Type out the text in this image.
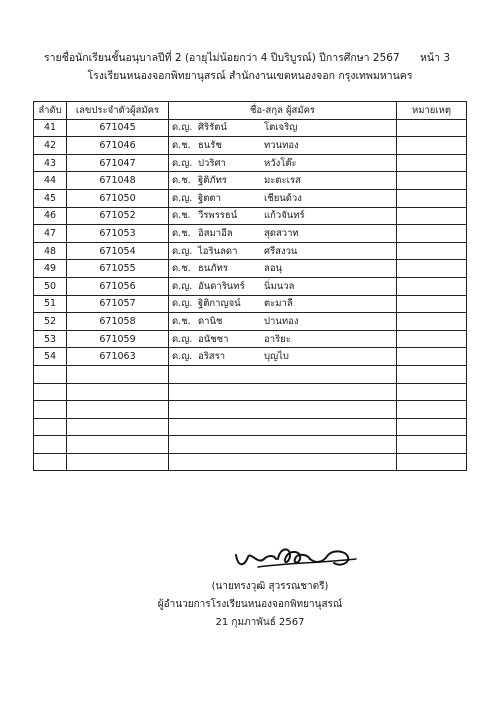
รายชื่อนักเรียนชั้นอนุบาลปีที่ 2 (อายุไม่น้อยกว่า 4 ปีบริบูรณ์) ปีการศึกษา 2567 หน้า 3
โรงเรียนหนองจอกพิทยานุสรณ์ สำนักงานเขตหนองจอก กรุงเทพมหานคร
ลำดับ	เลขประจำตัวผู้สมัคร	ชื่อ-สกุล ผู้สมัคร	หมายเหตุ
41	671045	ด.ญ. ศิริรัตน์ โตเจริญ	
42	671046	ด.ช. ธนรัช ทวนทอง	
43	671047	ด.ญ. ปวริศา หวังโต๊ะ	
44	671048	ด.ช. ฐิติภัทร มะตะเรส	
45	671050	ด.ญ. ฐิตตา เชียนด้วง	
46	671052	ด.ช. วีรพรรธน์ แก้วจันทร์	
47	671053	ด.ช. อิสมาอีล สุดสวาท	
48	671054	ด.ญ. ไอรินลดา ศรีสงวน	
49	671055	ด.ช. ธนภัทร ลอนุ	
50	671056	ด.ญ. อันดารินทร์ นิ่มนวล	
51	671057	ด.ญ. ฐิติกาญจน์ ตะมาลี	
52	671058	ด.ช. ดานิช ปานทอง	
53	671059	ด.ญ. อนัชชา อาริยะ	
54	671063	ด.ญ. อริสรา บุญไบ	

(นายทรงวุฒิ สุวรรณชาตรี)
ผู้อำนวยการโรงเรียนหนองจอกพิทยานุสรณ์
21 กุมภาพันธ์ 2567
